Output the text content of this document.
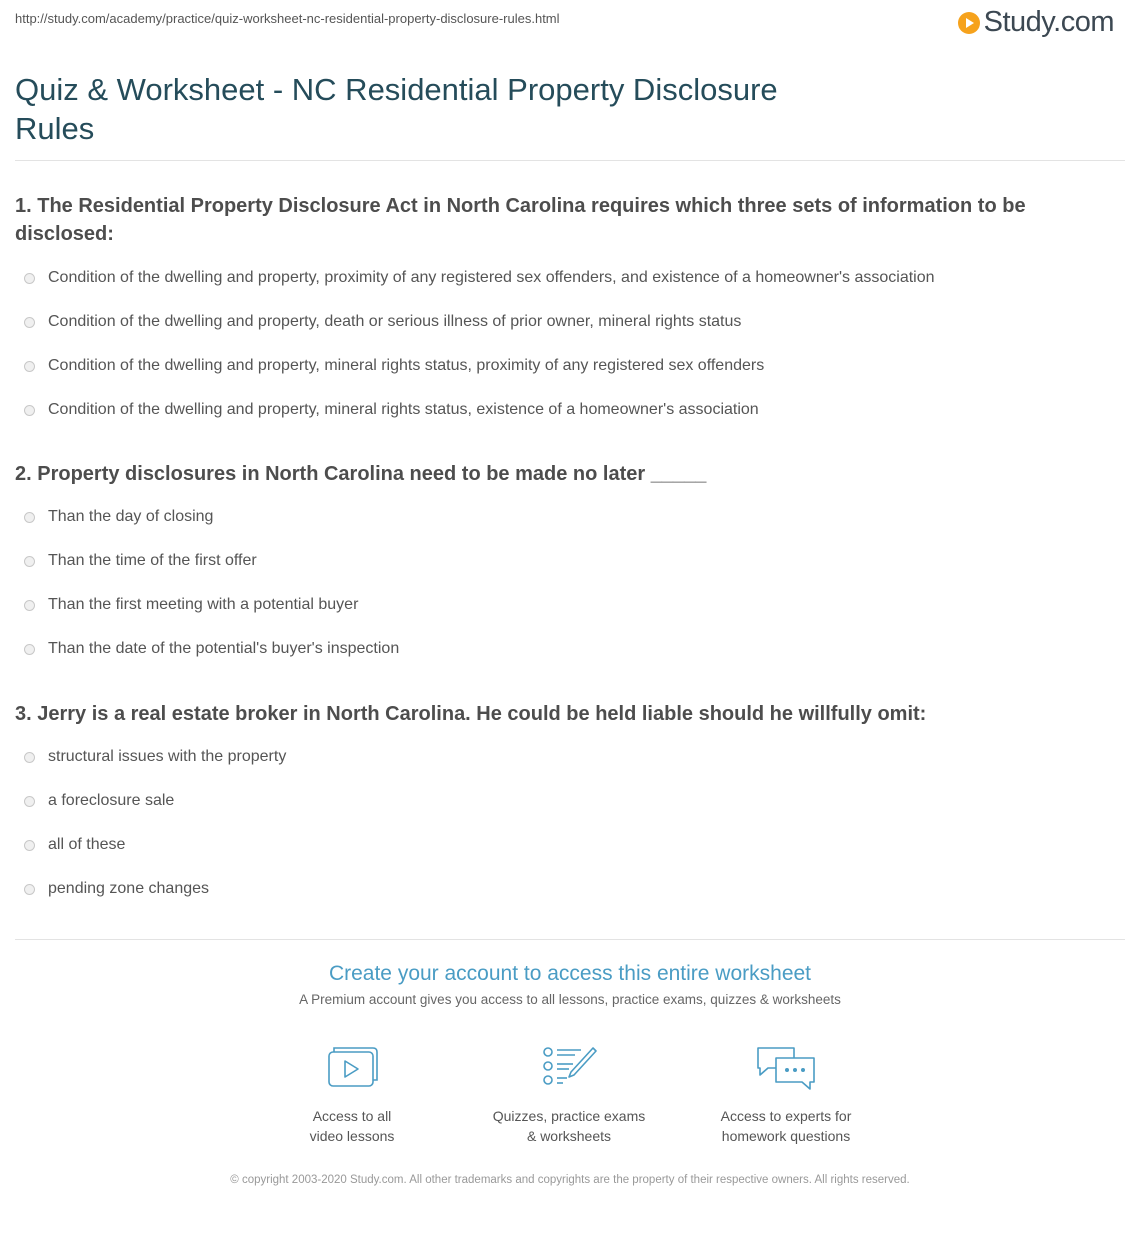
http://study.com/academy/practice/quiz-worksheet-nc-residential-property-disclosure-rules.html	Study.com
Quiz & Worksheet - NC Residential Property Disclosure Rules

1. The Residential Property Disclosure Act in North Carolina requires which three sets of information to be disclosed:

Condition of the dwelling and property, proximity of any registered sex offenders, and existence of a homeowner's association
Condition of the dwelling and property, death or serious illness of prior owner, mineral rights status
Condition of the dwelling and property, mineral rights status, proximity of any registered sex offenders
Condition of the dwelling and property, mineral rights status, existence of a homeowner's association

2. Property disclosures in North Carolina need to be made no later _____

Than the day of closing
Than the time of the first offer
Than the first meeting with a potential buyer
Than the date of the potential's buyer's inspection

3. Jerry is a real estate broker in North Carolina. He could be held liable should he willfully omit:

structural issues with the property
a foreclosure sale
all of these
pending zone changes

Create your account to access this entire worksheet

A Premium account gives you access to all lessons, practice exams, quizzes & worksheets
Access to all
video lessons
Quizzes, practice exams
& worksheets
Access to experts for
homework questions
© copyright 2003-2020 Study.com. All other trademarks and copyrights are the property of their respective owners. All rights reserved.
